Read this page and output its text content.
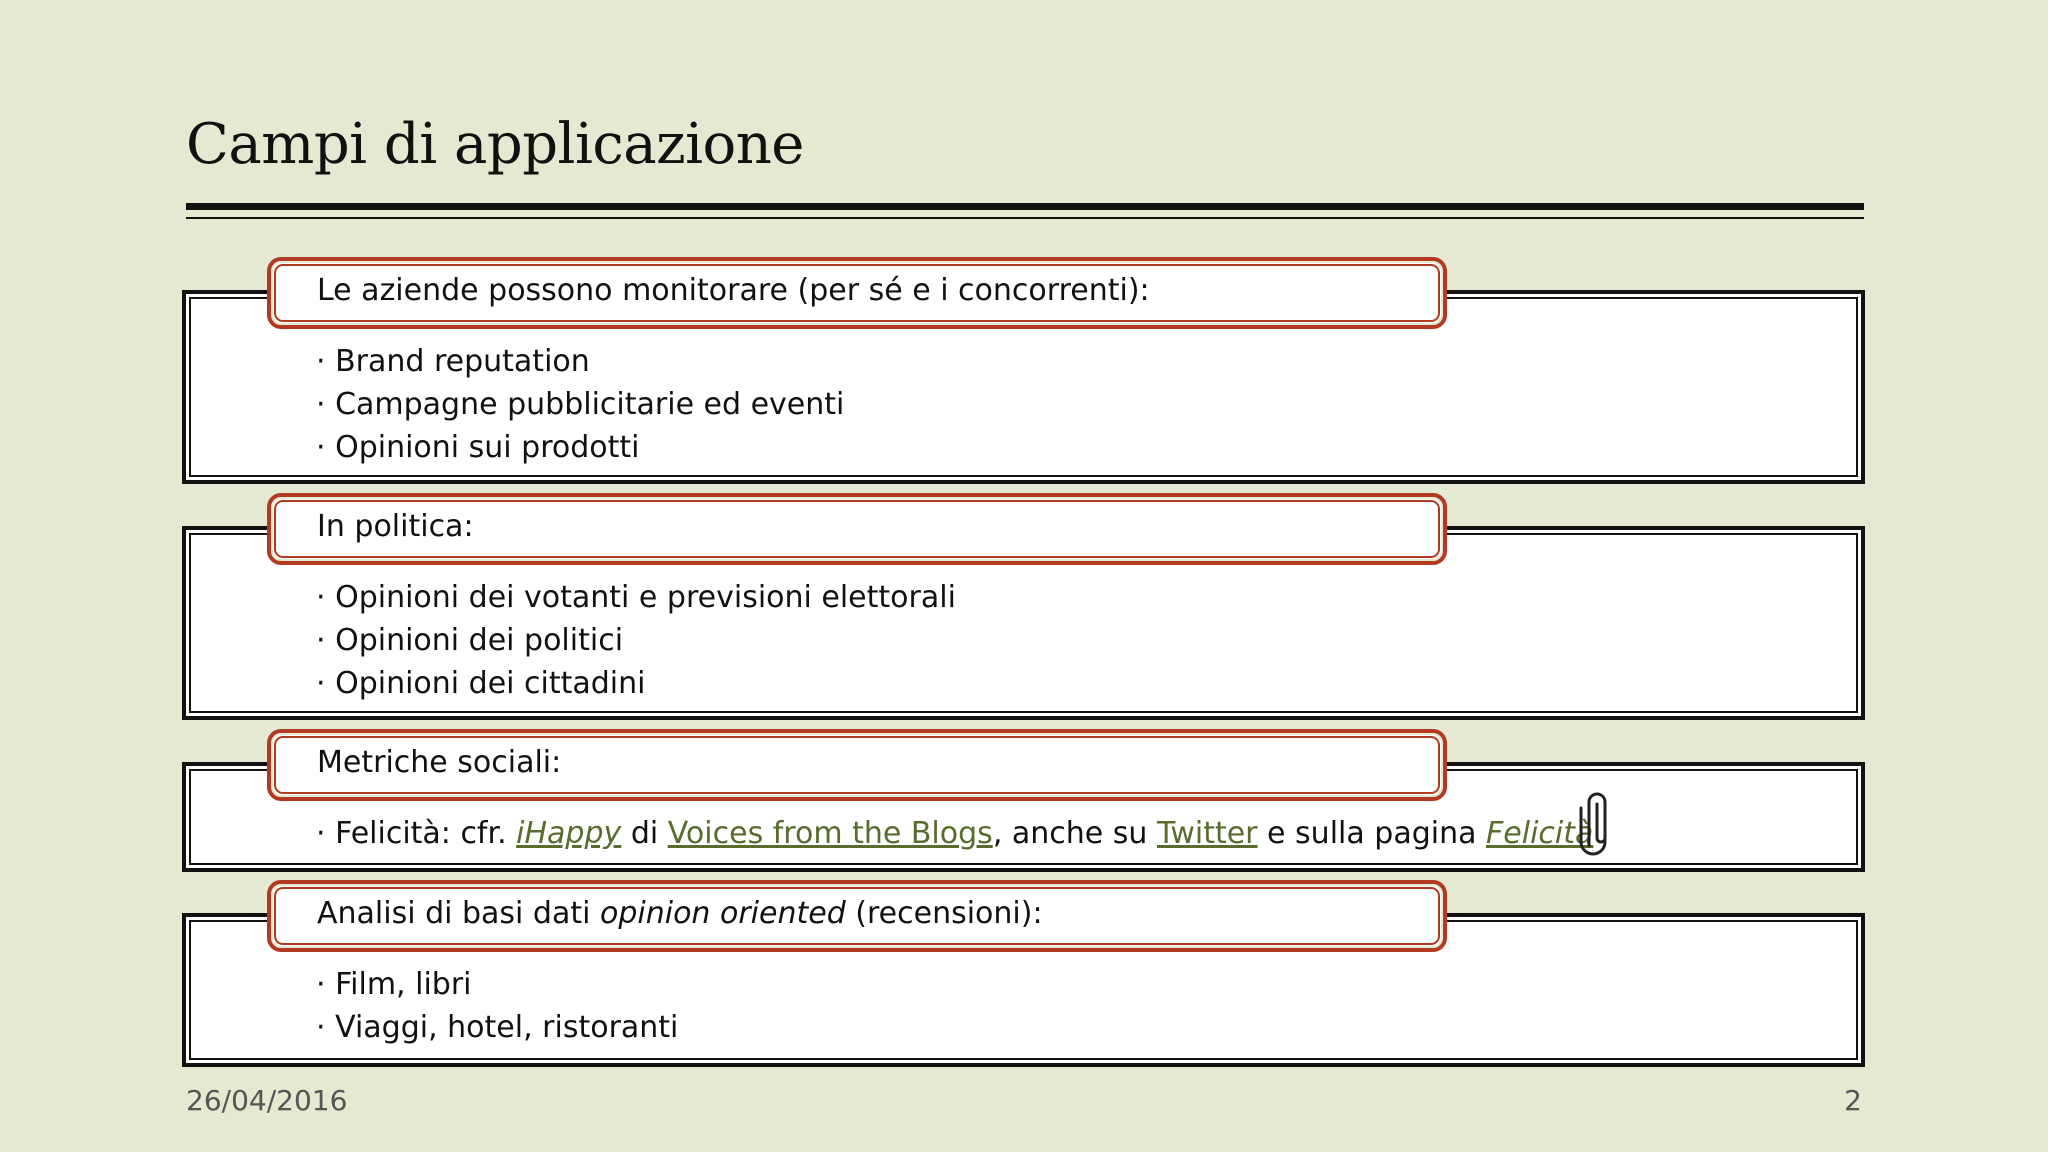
Campi di applicazione
Le aziende possono monitorare (per sé e i concorrenti):
· Brand reputation
· Campagne pubblicitarie ed eventi
· Opinioni sui prodotti
In politica:
· Opinioni dei votanti e previsioni elettorali
· Opinioni dei politici
· Opinioni dei cittadini
Metriche sociali:
· Felicità: cfr. iHappy di Voices from the Blogs, anche su Twitter e sulla pagina Felicità
Analisi di basi dati opinion oriented (recensioni):
· Film, libri
· Viaggi, hotel, ristoranti
26/04/2016	2
